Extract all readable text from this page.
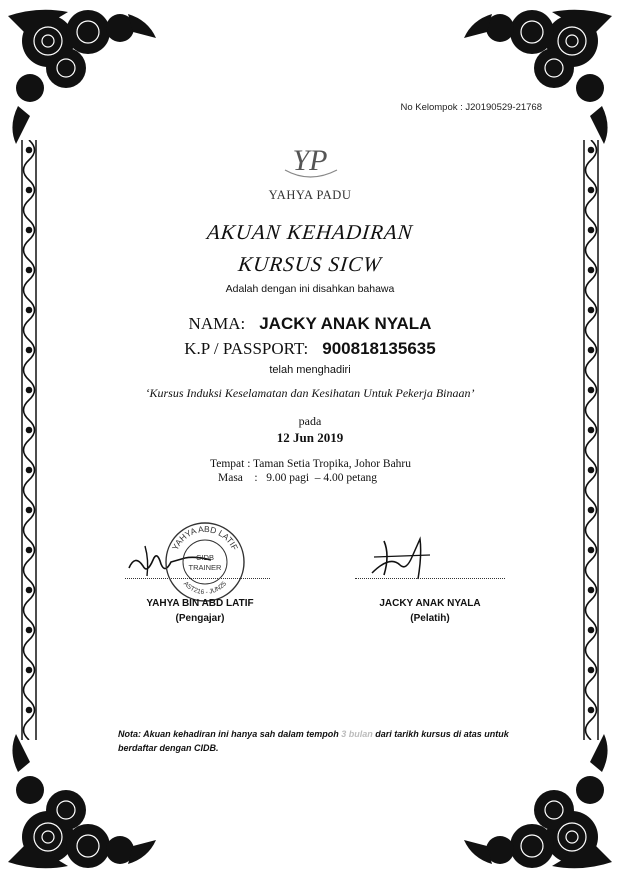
No Kelompok : J20190529-21768
YP
YAHYA PADU
AKUAN KEHADIRAN
KURSUS SICW
Adalah dengan ini disahkan bahawa
NAMA: JACKY ANAK NYALA
K.P / PASSPORT: 900818135635
telah menghadiri
‘Kursus Induksi Keselamatan dan Kesihatan Untuk Pekerja Binaan’
pada
12 Jun 2019
Tempat : Taman Setia Tropika, Johor Bahru
Masa    :   9.00 pagi  – 4.00 petang
YAHYA ABD LATIF
AST216 - JUN25
CIDB
TRAINER
YAHYA BIN ABD LATIF
(Pengajar)
JACKY ANAK NYALA
(Pelatih)
Nota: Akuan kehadiran ini hanya sah dalam tempoh 3 bulan dari tarikh kursus di atas untuk berdaftar dengan CIDB.
